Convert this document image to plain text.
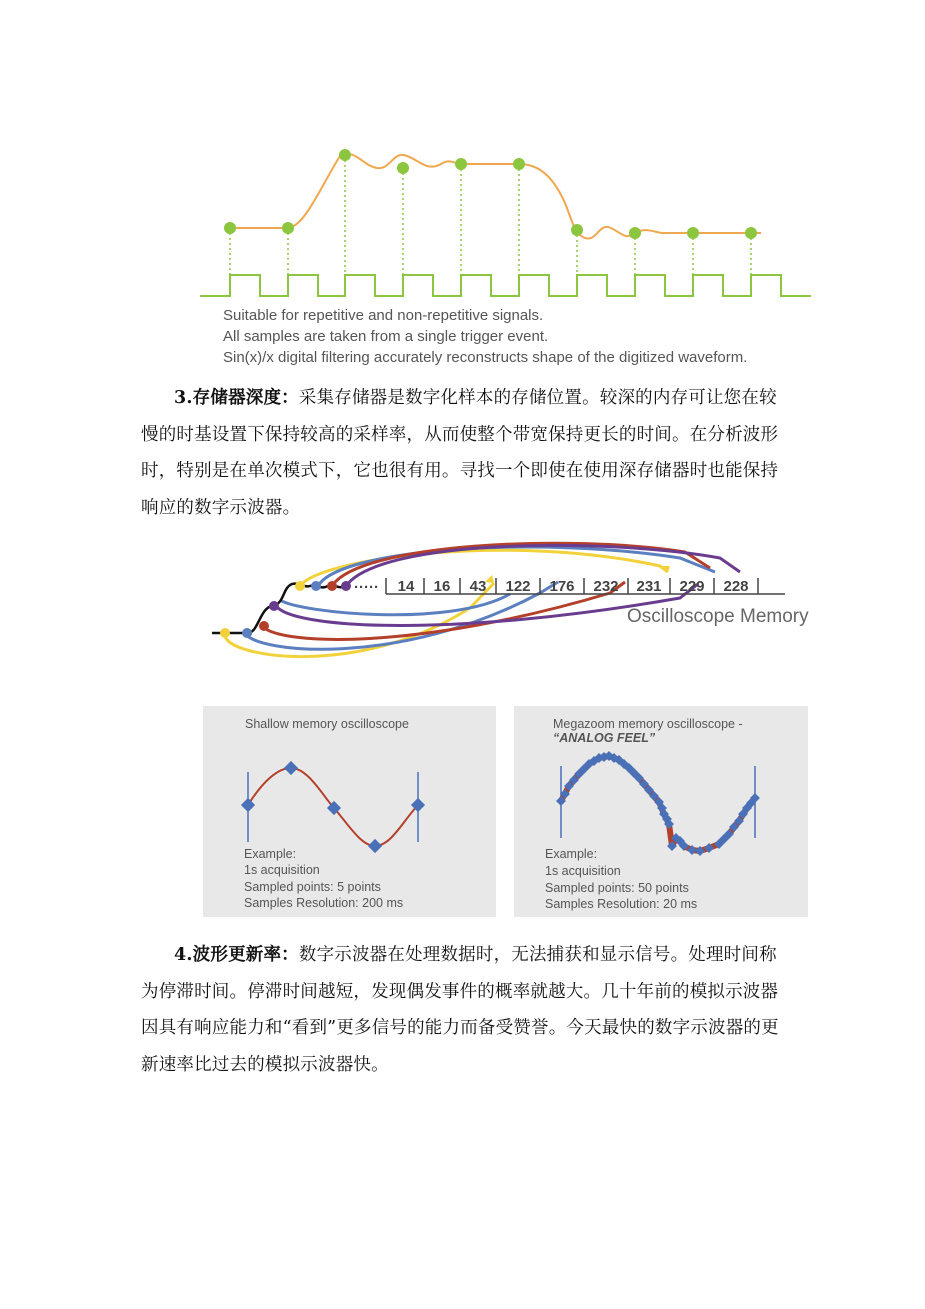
Suitable for repetitive and non-repetitive signals.
All samples are taken from a single trigger event.
Sin(x)/x digital filtering accurately reconstructs shape of the digitized waveform.
3.存储器深度：采集存储器是数字化样本的存储位置。较深的内存可让您在较慢的时基设置下保持较高的采样率，从而使整个带宽保持更长的时间。在分析波形时，特别是在单次模式下，它也很有用。寻找一个即使在使用深存储器时也能保持响应的数字示波器。
····· 14 16 43 122 176 232 231 229 228
Oscilloscope Memory
Shallow memory oscilloscope
Example:
1s acquisition
Sampled points: 5 points
Samples Resolution: 200 ms
Megazoom memory oscilloscope -
“ANALOG FEEL”
Example:
1s acquisition
Sampled points: 50 points
Samples Resolution: 20 ms
4.波形更新率：数字示波器在处理数据时，无法捕获和显示信号。处理时间称为停滞时间。停滞时间越短，发现偶发事件的概率就越大。几十年前的模拟示波器因具有响应能力和“看到”更多信号的能力而备受赞誉。今天最快的数字示波器的更新速率比过去的模拟示波器快。
